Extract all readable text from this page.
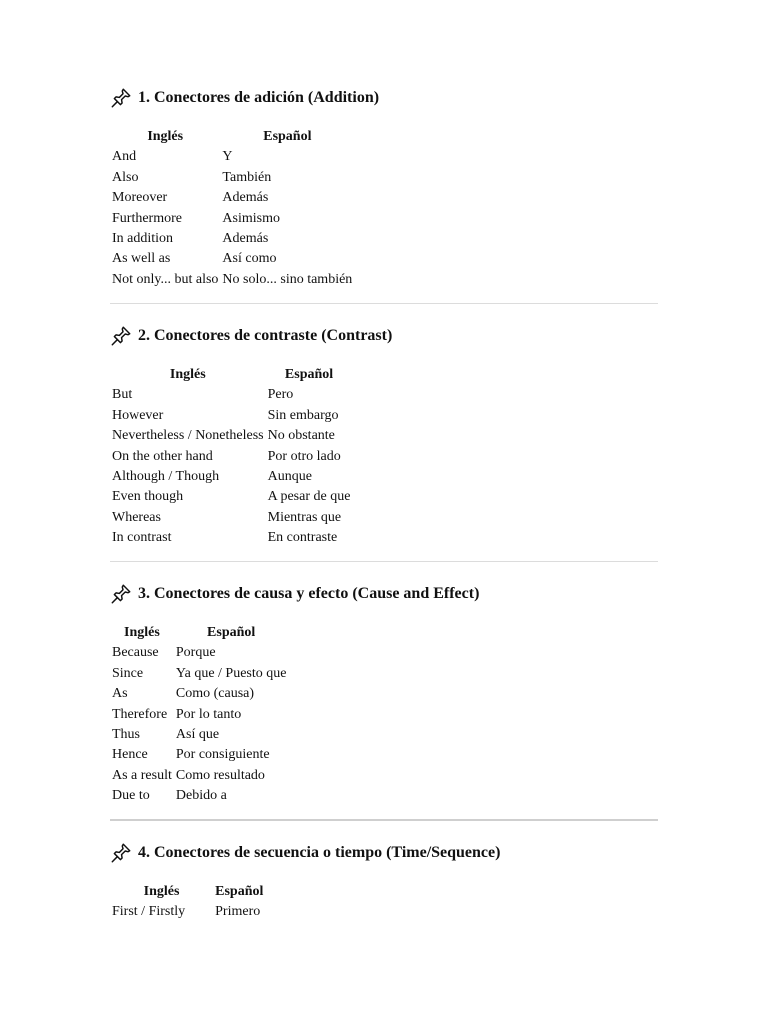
1. Conectores de adición (Addition)
Inglés	Español
And	Y
Also	También
Moreover	Además
Furthermore	Asimismo
In addition	Además
As well as	Así como
Not only... but also	No solo... sino también
2. Conectores de contraste (Contrast)
Inglés	Español
But	Pero
However	Sin embargo
Nevertheless / Nonetheless	No obstante
On the other hand	Por otro lado
Although / Though	Aunque
Even though	A pesar de que
Whereas	Mientras que
In contrast	En contraste
3. Conectores de causa y efecto (Cause and Effect)
Inglés	Español
Because	Porque
Since	Ya que / Puesto que
As	Como (causa)
Therefore	Por lo tanto
Thus	Así que
Hence	Por consiguiente
As a result	Como resultado
Due to	Debido a
4. Conectores de secuencia o tiempo (Time/Sequence)
Inglés	Español
First / Firstly	Primero
